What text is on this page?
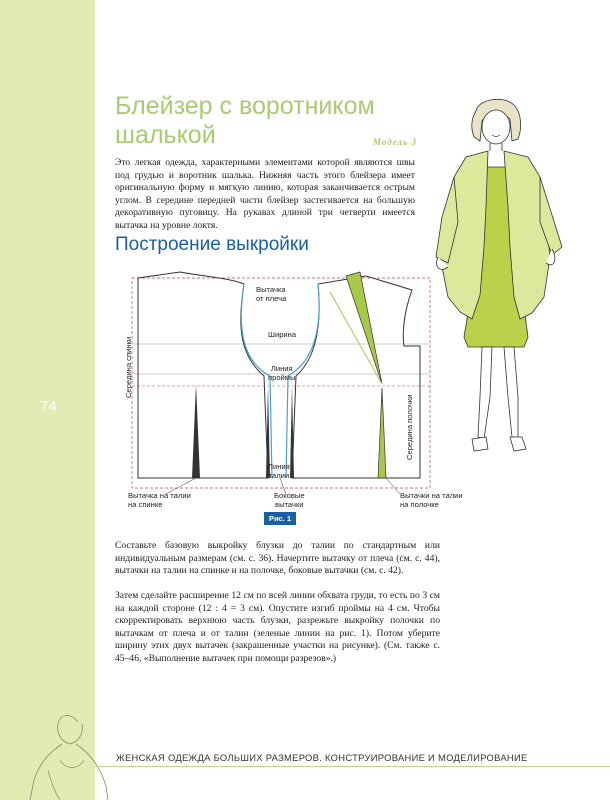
74
Блейзер с воротником
шалькой	Модель 3

Это легкая одежда, характерными элементами которой являются швы под грудью и воротник шалька. Нижняя часть этого блейзера имеет оригинальную форму и мягкую линию, которая заканчивается острым углом. В середине передней части блейзер застегивается на большую декоративную пуговицу. На рукавах длиной три четверти имеется вытачка на уровне локтя.

Построение выкройки
Вытачка
от плеча
Ширина
Линия
проймы
Линия
талии
Середина спинки
Середина полочки
Вытачка на талии
на спинке
Боковые
вытачки
Вытачки на талии
на полочке
Рис. 1

Составьте базовую выкройку блузки до талии по стандартным или индивидуальным размерам (см. с. 36). Начертите вытачку от плеча (см. с. 44), вытачки на талии на спинке и на полочке, боковые вытачки (см. с. 42).

Затем сделайте расширение 12 см по всей линии обхвата груди, то есть по 3 см на каждой стороне (12 : 4 = 3 см). Опустите изгиб проймы на 4 см. Чтобы скорректировать верхнюю часть блузки, разрежьте выкройку полочки по вытачкам от плеча и от талии (зеленые линии на рис. 1). Потом уберите ширину этих двух вытачек (закрашенные участки на рисунке). (См. также с. 45–46, «Выполнение вытачек при помощи разрезов».)

ЖЕНСКАЯ ОДЕЖДА БОЛЬШИХ РАЗМЕРОВ. КОНСТРУИРОВАНИЕ И МОДЕЛИРОВАНИЕ
